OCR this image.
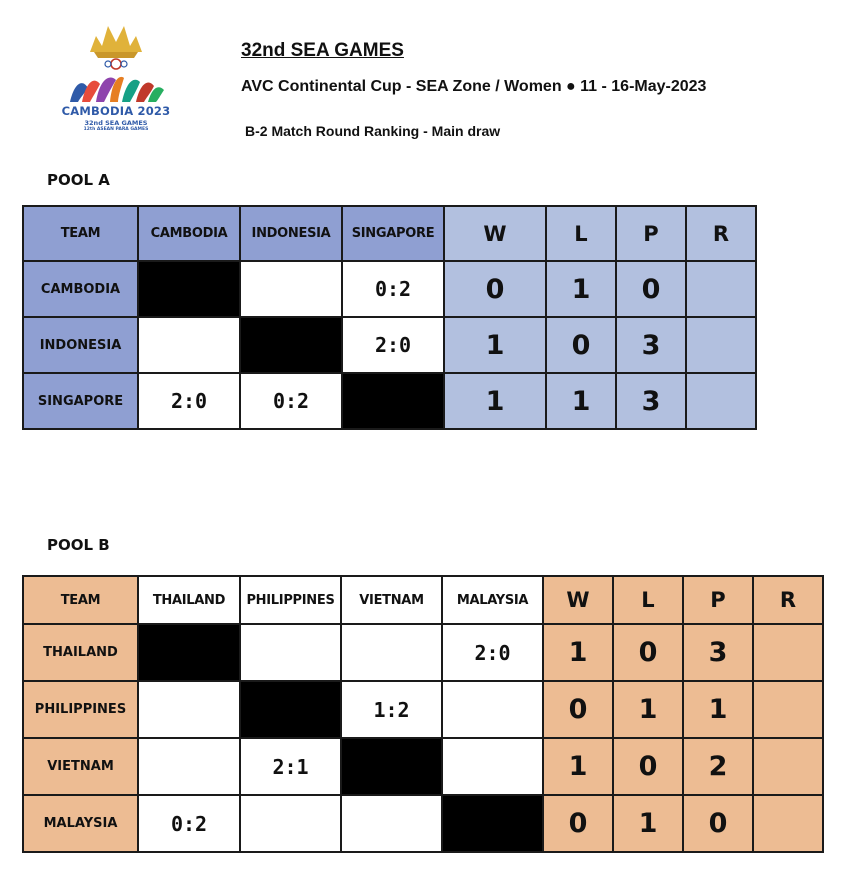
CAMBODIA 2023
32nd SEA GAMES
12th ASEAN PARA GAMES
32nd SEA GAMES
AVC Continental Cup - SEA Zone / Women ● 11 - 16-May-2023
B-2 Match Round Ranking - Main draw
POOL A
TEAM	CAMBODIA	INDONESIA	SINGAPORE	W	L	P	R
CAMBODIA			0:2	0	1	0	
INDONESIA			2:0	1	0	3	
SINGAPORE	2:0	0:2		1	1	3	
POOL B
TEAM	THAILAND	PHILIPPINES	VIETNAM	MALAYSIA	W	L	P	R
THAILAND				2:0	1	0	3	
PHILIPPINES			1:2		0	1	1	
VIETNAM		2:1			1	0	2	
MALAYSIA	0:2				0	1	0	
